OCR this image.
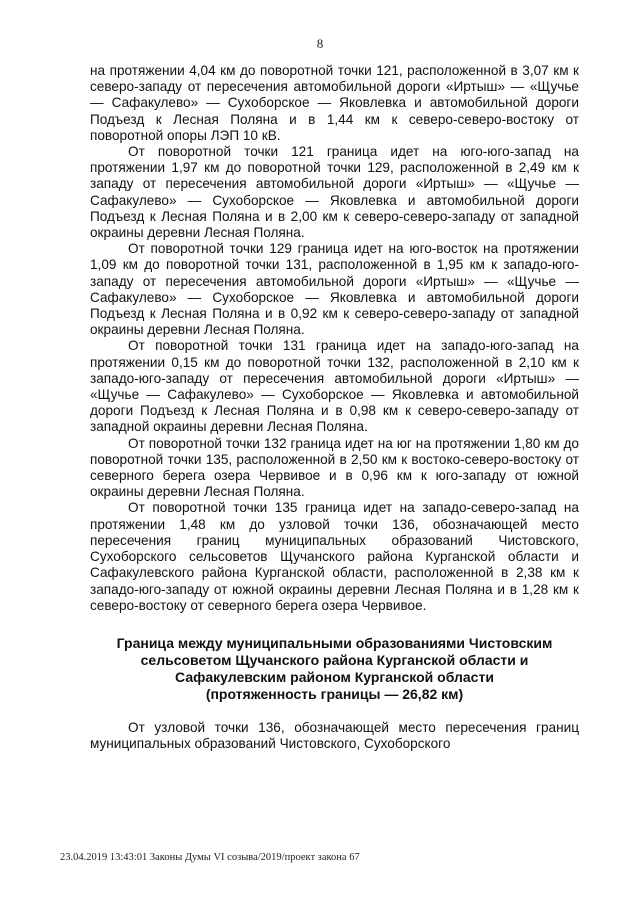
8

на протяжении 4,04 км до поворотной точки 121, расположенной в 3,07 км к северо-западу от пересечения автомобильной дороги «Иртыш» — «Щучье — Сафакулево» — Сухоборское — Яковлевка и автомобильной дороги Подъезд к Лесная Поляна и в 1,44 км к северо-северо-востоку от поворотной опоры ЛЭП 10 кВ.

От поворотной точки 121 граница идет на юго-юго-запад на протяжении 1,97 км до поворотной точки 129, расположенной в 2,49 км к западу от пересечения автомобильной дороги «Иртыш» — «Щучье — Сафакулево» — Сухоборское — Яковлевка и автомобильной дороги Подъезд к Лесная Поляна и в 2,00 км к северо-северо-западу от западной окраины деревни Лесная Поляна.

От поворотной точки 129 граница идет на юго-восток на протяжении 1,09 км до поворотной точки 131, расположенной в 1,95 км к западо-юго-западу от пересечения автомобильной дороги «Иртыш» — «Щучье — Сафакулево» — Сухоборское — Яковлевка и автомобильной дороги Подъезд к Лесная Поляна и в 0,92 км к северо-северо-западу от западной окраины деревни Лесная Поляна.

От поворотной точки 131 граница идет на западо-юго-запад на протяжении 0,15 км до поворотной точки 132, расположенной в 2,10 км к западо-юго-западу от пересечения автомобильной дороги «Иртыш» — «Щучье — Сафакулево» — Сухоборское — Яковлевка и автомобильной дороги Подъезд к Лесная Поляна и в 0,98 км к северо-северо-западу от западной окраины деревни Лесная Поляна.

От поворотной точки 132 граница идет на юг на протяжении 1,80 км до поворотной точки 135, расположенной в 2,50 км к востоко-северо-востоку от северного берега озера Червивое и в 0,96 км к юго-западу от южной окраины деревни Лесная Поляна.

От поворотной точки 135 граница идет на западо-северо-запад на протяжении 1,48 км до узловой точки 136, обозначающей место пересечения границ муниципальных образований Чистовского, Сухоборского сельсоветов Щучанского района Курганской области и Сафакулевского района Курганской области, расположенной в 2,38 км к западо-юго-западу от южной окраины деревни Лесная Поляна и в 1,28 км к северо-востоку от северного берега озера Червивое.

Граница между муниципальными образованиями Чистовским
сельсоветом Щучанского района Курганской области и
Сафакулевским районом Курганской области
(протяженность границы — 26,82 км)

От узловой точки 136, обозначающей место пересечения границ муниципальных образований Чистовского, Сухоборского

23.04.2019 13:43:01 Законы Думы VI созыва/2019/проект закона 67
